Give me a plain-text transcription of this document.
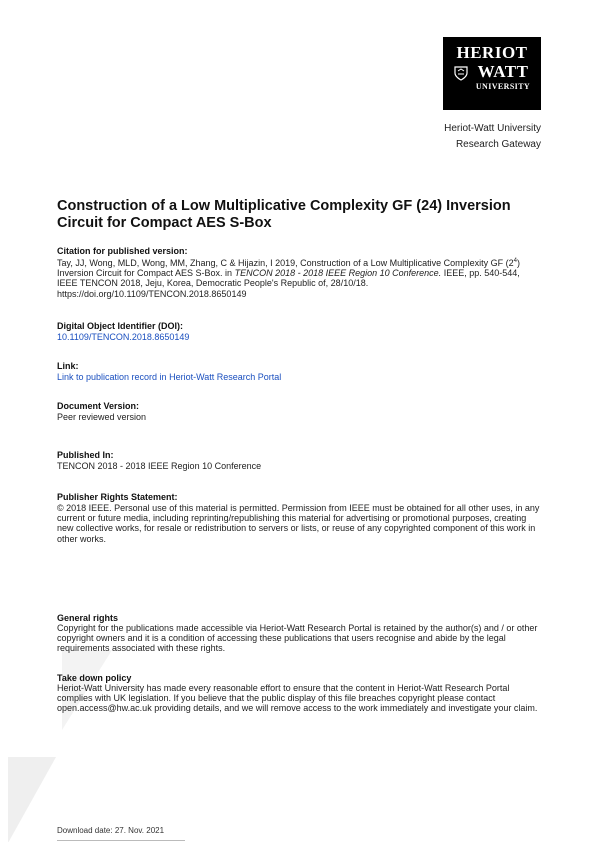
HERIOT
WATT
UNIVERSITY
Heriot-Watt University
Research Gateway
Construction of a Low Multiplicative Complexity GF (24) Inversion Circuit for Compact AES S-Box
Citation for published version:
Tay, JJ, Wong, MLD, Wong, MM, Zhang, C & Hijazin, I 2019, Construction of a Low Multiplicative Complexity GF $(2^4)$ Inversion Circuit for Compact AES S-Box. in TENCON 2018 - 2018 IEEE Region 10 Conference. IEEE, pp. 540-544, IEEE TENCON 2018, Jeju, Korea, Democratic People's Republic of, 28/10/18. https://doi.org/10.1109/TENCON.2018.8650149
Digital Object Identifier (DOI):
10.1109/TENCON.2018.8650149
Link:
Link to publication record in Heriot-Watt Research Portal
Document Version:
Peer reviewed version
Published In:
TENCON 2018 - 2018 IEEE Region 10 Conference
Publisher Rights Statement:
© 2018 IEEE. Personal use of this material is permitted. Permission from IEEE must be obtained for all other uses, in any current or future media, including reprinting/republishing this material for advertising or promotional purposes, creating new collective works, for resale or redistribution to servers or lists, or reuse of any copyrighted component of this work in other works.
General rights
Copyright for the publications made accessible via Heriot-Watt Research Portal is retained by the author(s) and / or other copyright owners and it is a condition of accessing these publications that users recognise and abide by the legal requirements associated with these rights.
Take down policy
Heriot-Watt University has made every reasonable effort to ensure that the content in Heriot-Watt Research Portal complies with UK legislation. If you believe that the public display of this file breaches copyright please contact open.access@hw.ac.uk providing details, and we will remove access to the work immediately and investigate your claim.
Download date: 27. Nov. 2021
